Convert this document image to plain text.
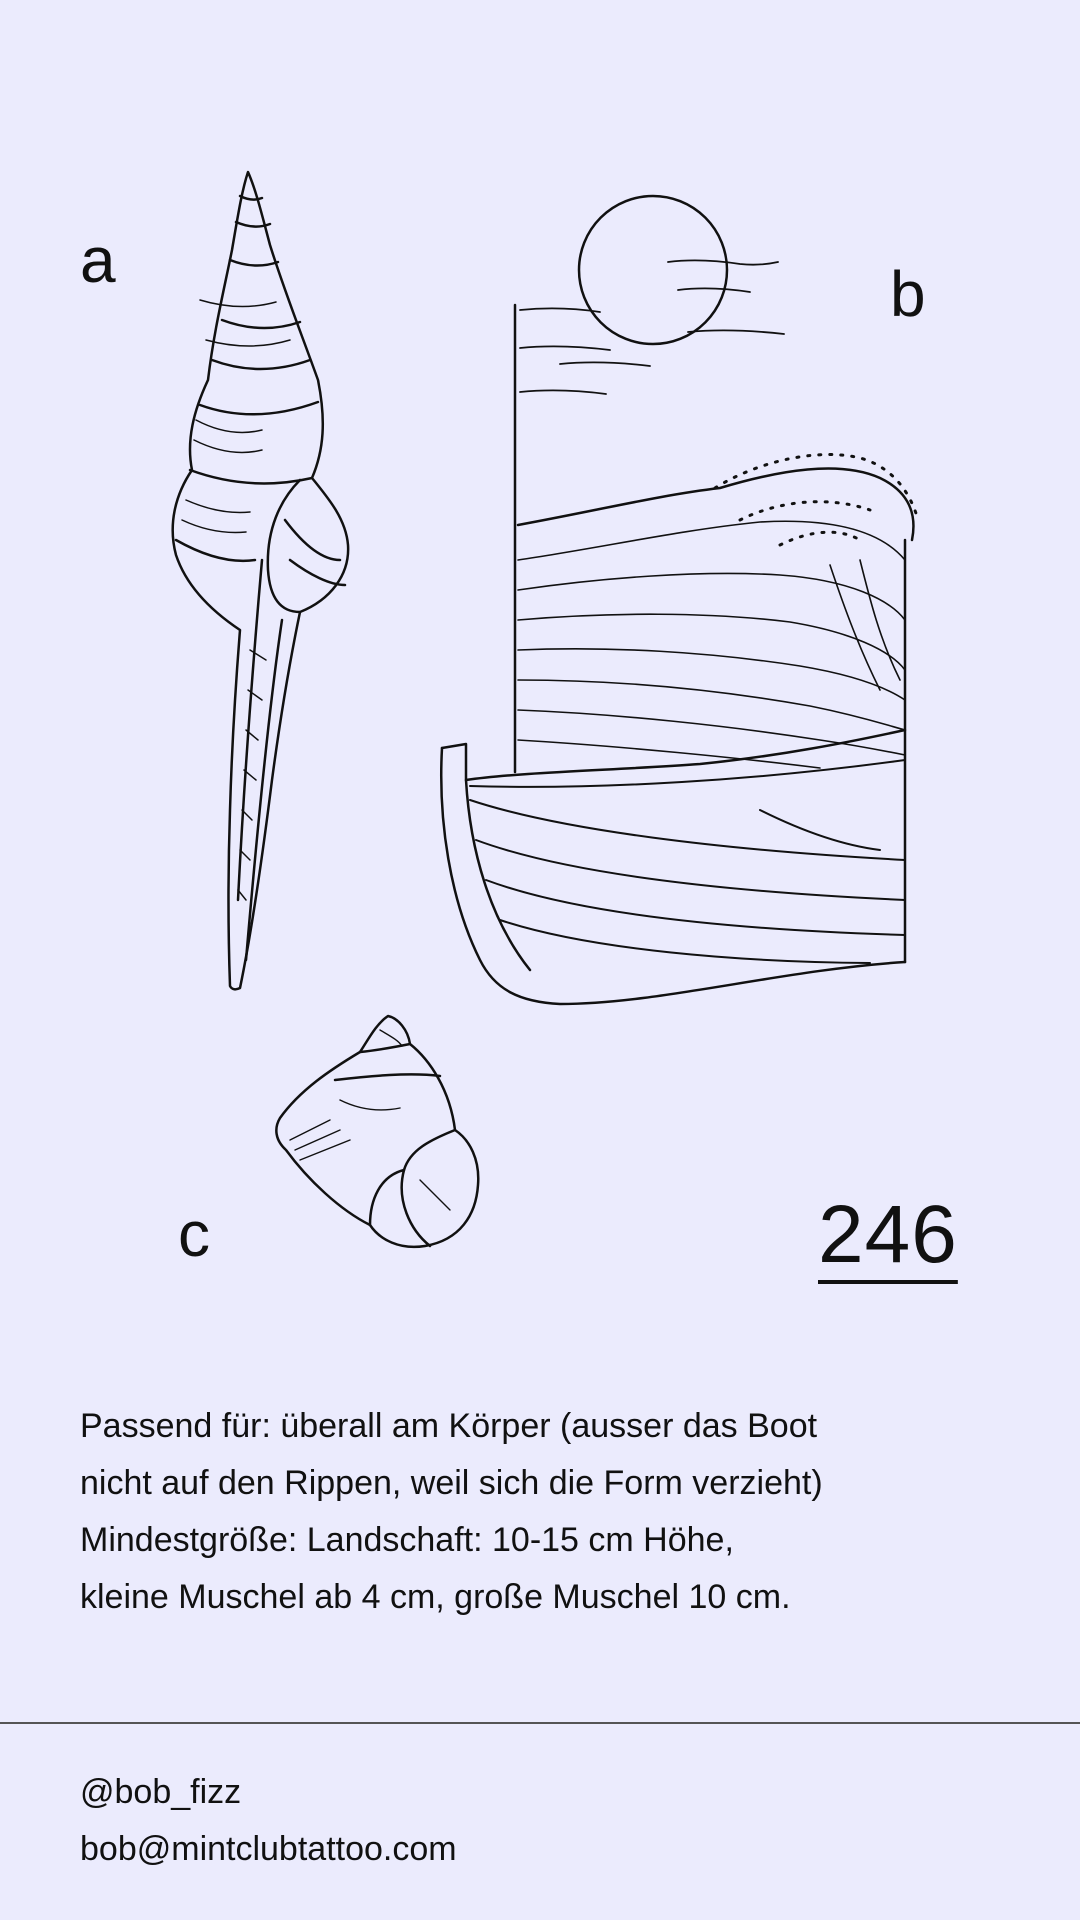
a	b
c	246
Passend für: überall am Körper (ausser das Boot
nicht auf den Rippen, weil sich die Form verzieht)
Mindestgröße: Landschaft: 10-15 cm Höhe,
kleine Muschel ab 4 cm, große Muschel 10 cm.
@bob_fizz
bob@mintclubtattoo.com
